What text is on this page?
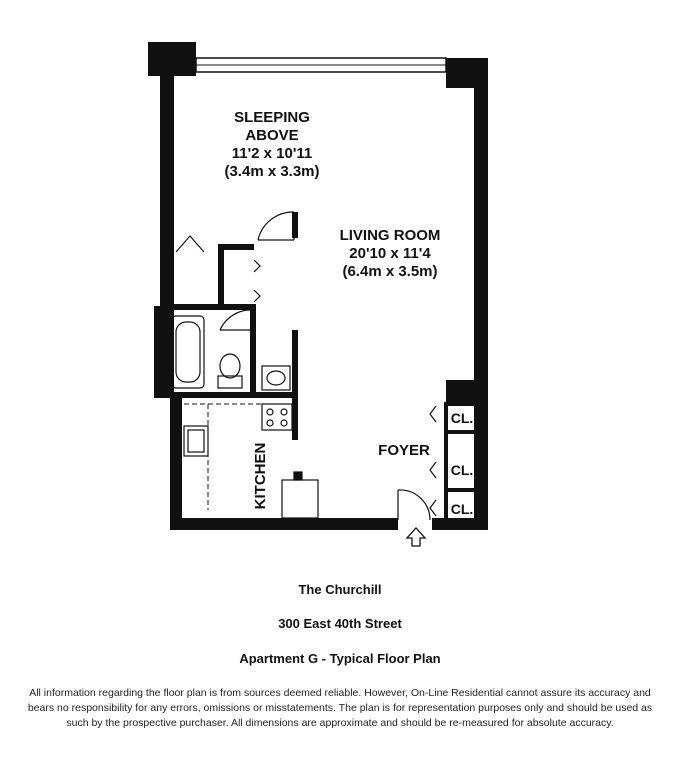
SLEEPING
ABOVE
11'2 x 10'11
(3.4m x 3.3m)
LIVING ROOM
20'10 x 11'4
(6.4m x 3.5m)
FOYER
KITCHEN
CL.
CL.
CL.
The Churchill
300 East 40th Street
Apartment G - Typical Floor Plan
All information regarding the floor plan is from sources deemed reliable. However, On-Line Residential cannot assure its accuracy and bears no responsibility for any errors, omissions or misstatements. The plan is for representation purposes only and should be used as such by the prospective purchaser. All dimensions are approximate and should be re-measured for absolute accuracy.
